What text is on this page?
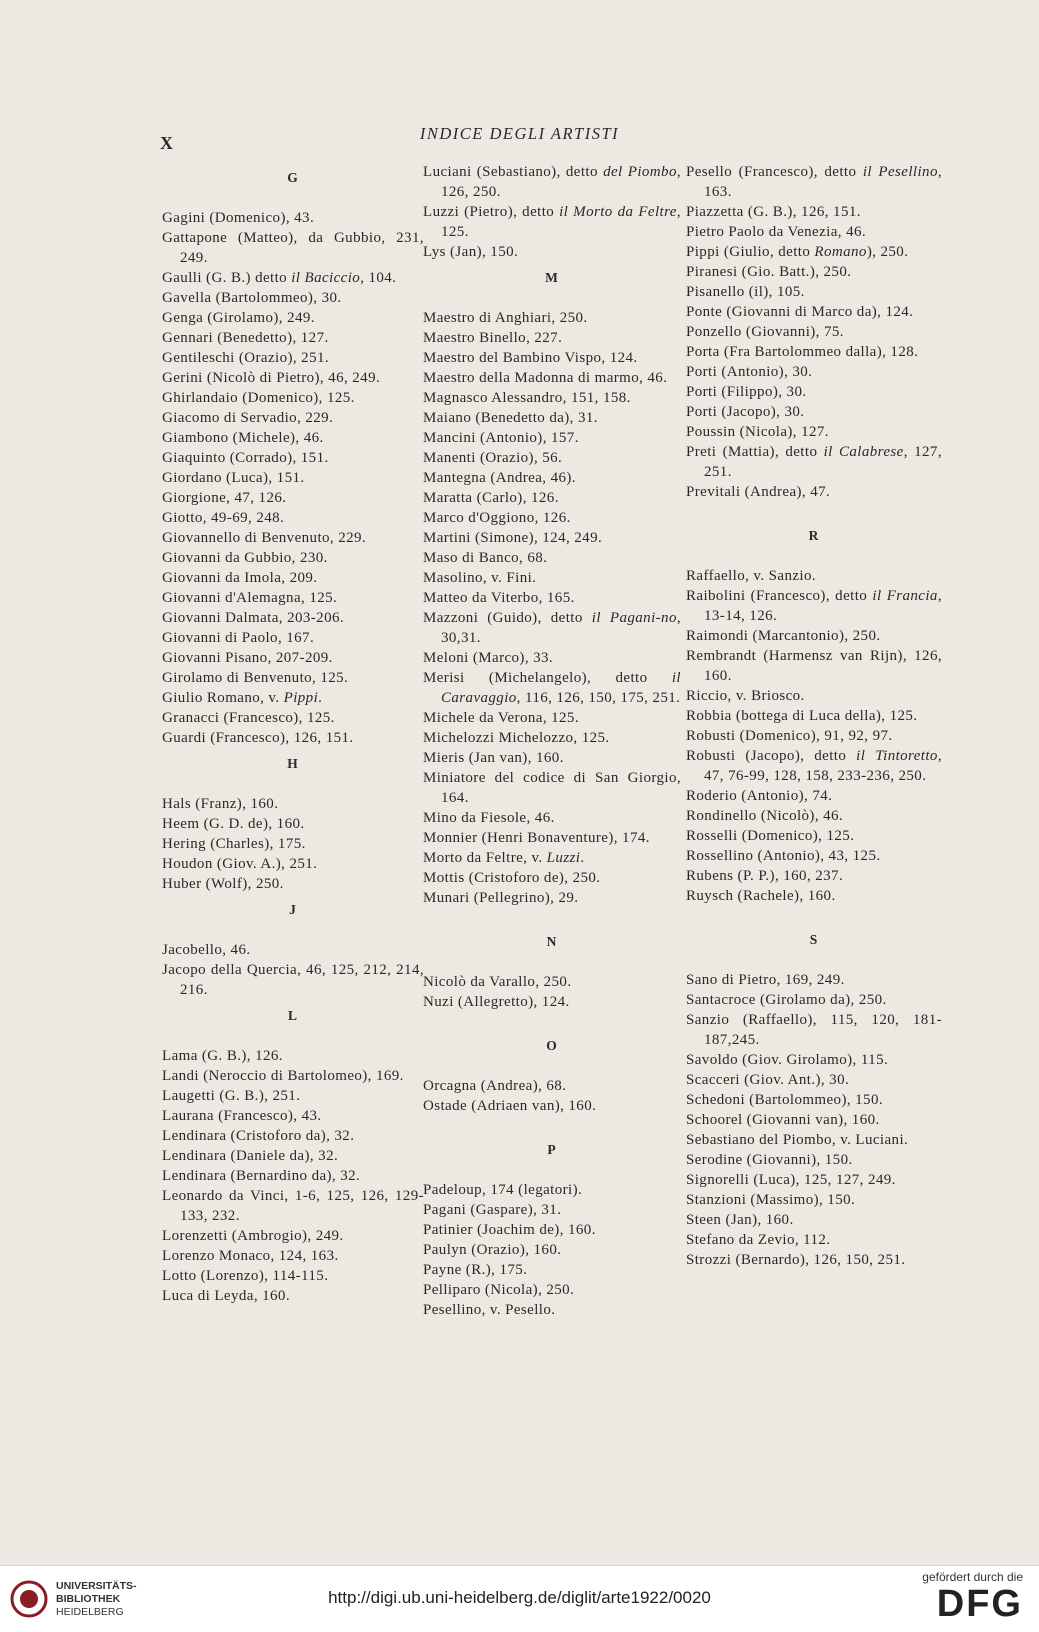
X	INDICE DEGLI ARTISTI
G
Gagini (Domenico), 43.
Gattapone (Matteo), da Gubbio, 231, 249.
Gaulli (G. B.) detto il Baciccio, 104.
Gavella (Bartolommeo), 30.
Genga (Girolamo), 249.
Gennari (Benedetto), 127.
Gentileschi (Orazio), 251.
Gerini (Nicolò di Pietro), 46, 249.
Ghirlandaio (Domenico), 125.
Giacomo di Servadio, 229.
Giambono (Michele), 46.
Giaquinto (Corrado), 151.
Giordano (Luca), 151.
Giorgione, 47, 126.
Giotto, 49-69, 248.
Giovannello di Benvenuto, 229.
Giovanni da Gubbio, 230.
Giovanni da Imola, 209.
Giovanni d'Alemagna, 125.
Giovanni Dalmata, 203-206.
Giovanni di Paolo, 167.
Giovanni Pisano, 207-209.
Girolamo di Benvenuto, 125.
Giulio Romano, v. Pippi.
Granacci (Francesco), 125.
Guardi (Francesco), 126, 151.
H
Hals (Franz), 160.
Heem (G. D. de), 160.
Hering (Charles), 175.
Houdon (Giov. A.), 251.
Huber (Wolf), 250.
J
Jacobello, 46.
Jacopo della Quercia, 46, 125, 212, 214, 216.
L
Lama (G. B.), 126.
Landi (Neroccio di Bartolomeo), 169.
Laugetti (G. B.), 251.
Laurana (Francesco), 43.
Lendinara (Cristoforo da), 32.
Lendinara (Daniele da), 32.
Lendinara (Bernardino da), 32.
Leonardo da Vinci, 1-6, 125, 126, 129-133, 232.
Lorenzetti (Ambrogio), 249.
Lorenzo Monaco, 124, 163.
Lotto (Lorenzo), 114-115.
Luca di Leyda, 160.
Luciani (Sebastiano), detto del Piombo, 126, 250.
Luzzi (Pietro), detto il Morto da Feltre, 125.
Lys (Jan), 150.
M
Maestro di Anghiari, 250.
Maestro Binello, 227.
Maestro del Bambino Vispo, 124.
Maestro della Madonna di marmo, 46.
Magnasco Alessandro, 151, 158.
Maiano (Benedetto da), 31.
Mancini (Antonio), 157.
Manenti (Orazio), 56.
Mantegna (Andrea, 46).
Maratta (Carlo), 126.
Marco d'Oggiono, 126.
Martini (Simone), 124, 249.
Maso di Banco, 68.
Masolino, v. Fini.
Matteo da Viterbo, 165.
Mazzoni (Guido), detto il Pagani-no, 30,31.
Meloni (Marco), 33.
Merisi (Michelangelo), detto il Caravaggio, 116, 126, 150, 175, 251.
Michele da Verona, 125.
Michelozzi Michelozzo, 125.
Mieris (Jan van), 160.
Miniatore del codice di San Giorgio, 164.
Mino da Fiesole, 46.
Monnier (Henri Bonaventure), 174.
Morto da Feltre, v. Luzzi.
Mottis (Cristoforo de), 250.
Munari (Pellegrino), 29.
N
Nicolò da Varallo, 250.
Nuzi (Allegretto), 124.
O
Orcagna (Andrea), 68.
Ostade (Adriaen van), 160.
P
Padeloup, 174 (legatori).
Pagani (Gaspare), 31.
Patinier (Joachim de), 160.
Paulyn (Orazio), 160.
Payne (R.), 175.
Pelliparo (Nicola), 250.
Pesellino, v. Pesello.
Pesello (Francesco), detto il Pesellino, 163.
Piazzetta (G. B.), 126, 151.
Pietro Paolo da Venezia, 46.
Pippi (Giulio, detto Romano), 250.
Piranesi (Gio. Batt.), 250.
Pisanello (il), 105.
Ponte (Giovanni di Marco da), 124.
Ponzello (Giovanni), 75.
Porta (Fra Bartolommeo dalla), 128.
Porti (Antonio), 30.
Porti (Filippo), 30.
Porti (Jacopo), 30.
Poussin (Nicola), 127.
Preti (Mattia), detto il Calabrese, 127, 251.
Previtali (Andrea), 47.
R
Raffaello, v. Sanzio.
Raibolini (Francesco), detto il Francia, 13-14, 126.
Raimondi (Marcantonio), 250.
Rembrandt (Harmensz van Rijn), 126, 160.
Riccio, v. Briosco.
Robbia (bottega di Luca della), 125.
Robusti (Domenico), 91, 92, 97.
Robusti (Jacopo), detto il Tintoretto, 47, 76-99, 128, 158, 233-236, 250.
Roderio (Antonio), 74.
Rondinello (Nicolò), 46.
Rosselli (Domenico), 125.
Rossellino (Antonio), 43, 125.
Rubens (P. P.), 160, 237.
Ruysch (Rachele), 160.
S
Sano di Pietro, 169, 249.
Santacroce (Girolamo da), 250.
Sanzio (Raffaello), 115, 120, 181-187,245.
Savoldo (Giov. Girolamo), 115.
Scacceri (Giov. Ant.), 30.
Schedoni (Bartolommeo), 150.
Schoorel (Giovanni van), 160.
Sebastiano del Piombo, v. Luciani.
Serodine (Giovanni), 150.
Signorelli (Luca), 125, 127, 249.
Stanzioni (Massimo), 150.
Steen (Jan), 160.
Stefano da Zevio, 112.
Strozzi (Bernardo), 126, 150, 251.
UNIVERSITÄTS-
BIBLIOTHEK
HEIDELBERG
http://digi.ub.uni-heidelberg.de/diglit/arte1922/0020
gefördert durch die
DFG
